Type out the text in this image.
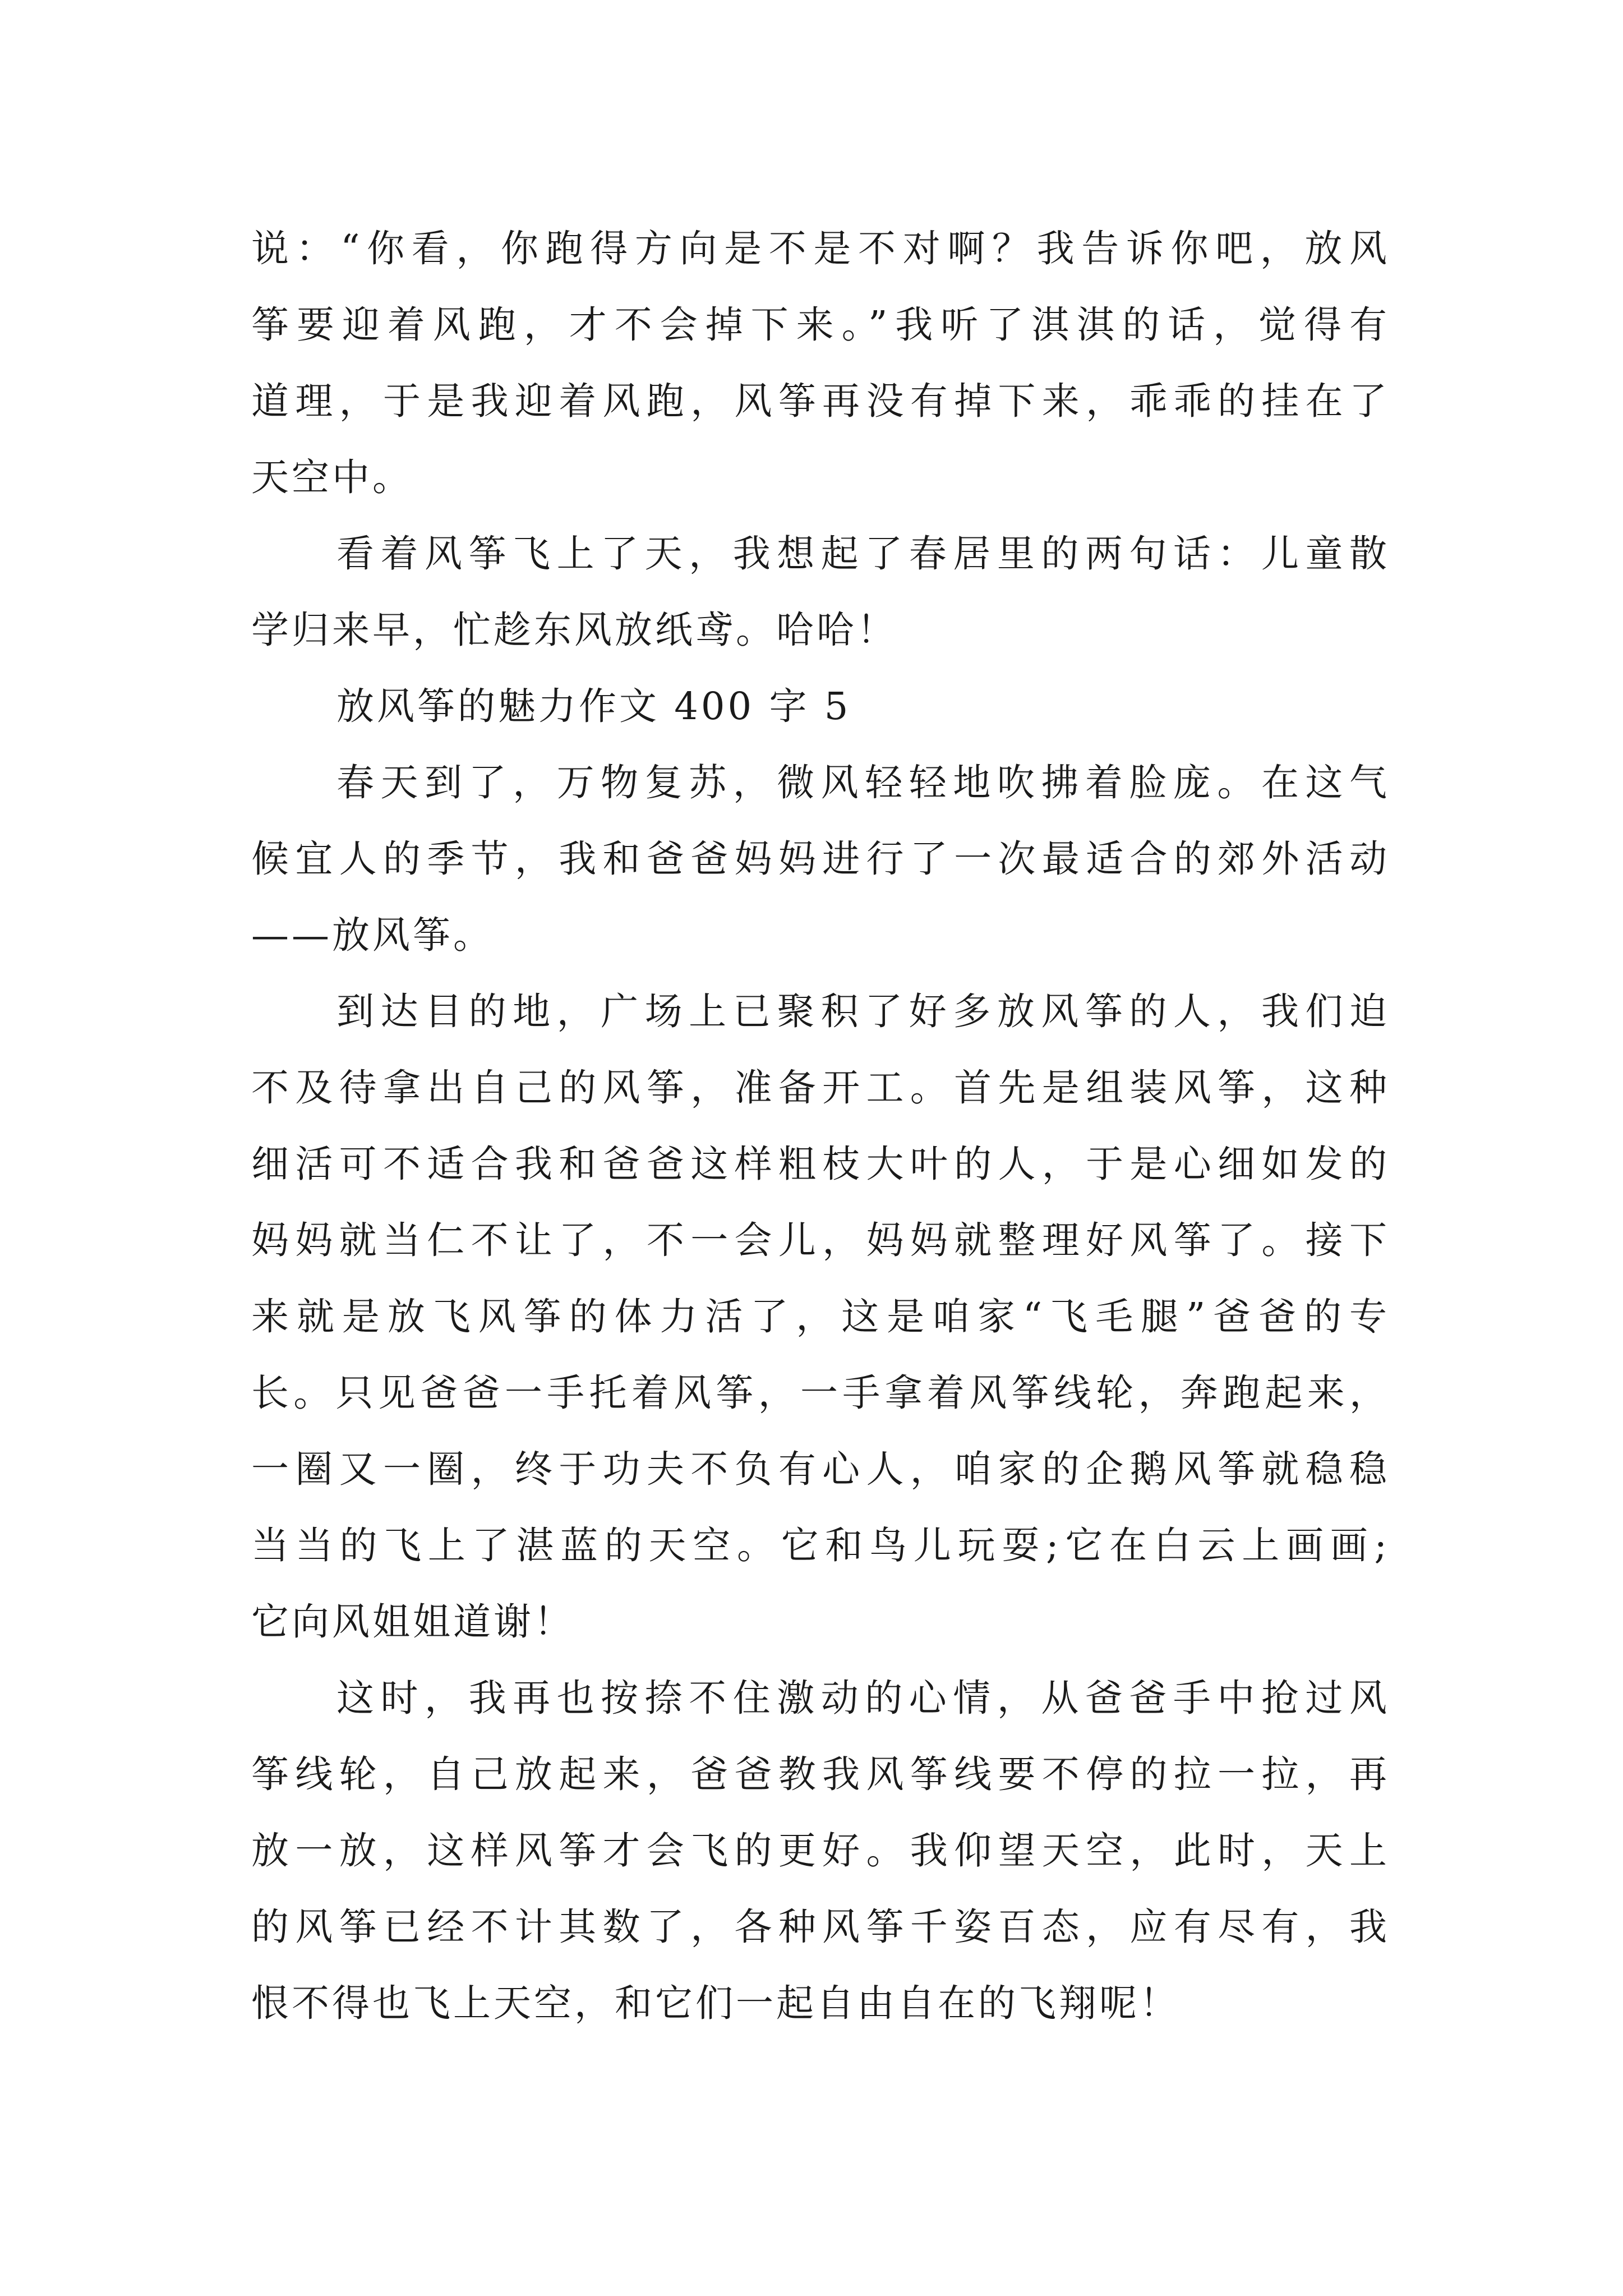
说：“你看，你跑得方向是不是不对啊？我告诉你吧，放风
筝要迎着风跑，才不会掉下来。”我听了淇淇的话，觉得有
道理，于是我迎着风跑，风筝再没有掉下来，乖乖的挂在了
天空中。
看着风筝飞上了天，我想起了春居里的两句话：儿童散
学归来早，忙趁东风放纸鸢。哈哈！
放风筝的魅力作文 400 字 5
春天到了，万物复苏，微风轻轻地吹拂着脸庞。在这气
候宜人的季节，我和爸爸妈妈进行了一次最适合的郊外活动
——放风筝。
到达目的地，广场上已聚积了好多放风筝的人，我们迫
不及待拿出自己的风筝，准备开工。首先是组装风筝，这种
细活可不适合我和爸爸这样粗枝大叶的人，于是心细如发的
妈妈就当仁不让了，不一会儿，妈妈就整理好风筝了。接下
来就是放飞风筝的体力活了，这是咱家“飞毛腿”爸爸的专
长。只见爸爸一手托着风筝，一手拿着风筝线轮，奔跑起来，
一圈又一圈，终于功夫不负有心人，咱家的企鹅风筝就稳稳
当当的飞上了湛蓝的天空。它和鸟儿玩耍;它在白云上画画;
它向风姐姐道谢！
这时，我再也按捺不住激动的心情，从爸爸手中抢过风
筝线轮，自己放起来，爸爸教我风筝线要不停的拉一拉，再
放一放，这样风筝才会飞的更好。我仰望天空，此时，天上
的风筝已经不计其数了，各种风筝千姿百态，应有尽有，我
恨不得也飞上天空，和它们一起自由自在的飞翔呢！
